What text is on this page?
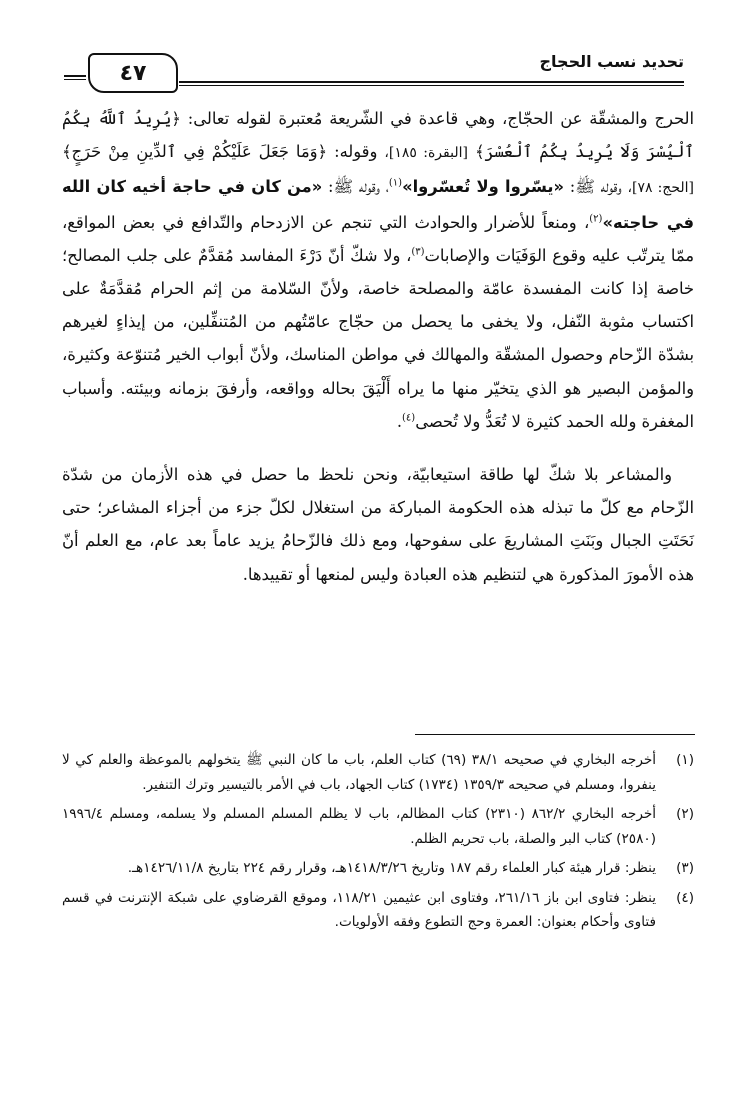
تحديد نسب الحجاج
٤٧

الحرج والمشقّة عن الحجّاج، وهي قاعدة في الشّريعة مُعتبرة لقوله تعالى: ﴿يُرِيدُ ٱللَّهُ بِكُمُ ٱلْيُسْرَ وَلَا يُرِيدُ بِكُمُ ٱلْعُسْرَ﴾ [البقرة: ١٨٥]، وقوله: ﴿وَمَا جَعَلَ عَلَيْكُمْ فِي ٱلدِّينِ مِنْ حَرَجٍ﴾ [الحج: ٧٨]، وقوله ﷺ: «يسّروا ولا تُعسّروا»$^{(١)}$، وقوله ﷺ: «من كان في حاجة أخيه كان الله في حاجته»$^{(٢)}$، ومنعاً للأضرار والحوادث التي تنجم عن الازدحام والتّدافع في بعض المواقع، ممّا يترتّب عليه وقوع الوَفَيَات والإصابات$^{(٣)}$، ولا شكّ أنّ دَرْءَ المفاسد مُقدَّمٌ على جلب المصالح؛ خاصة إذا كانت المفسدة عامّة والمصلحة خاصة، ولأنّ السّلامة من إثم الحرام مُقدَّمَةٌ على اكتساب مثوبة النّفل، ولا يخفى ما يحصل من حجّاج عامّتُهم من المُتنفِّلين، من إيذاءٍ لغيرهم بشدّة الزّحام وحصول المشقّة والمهالك في مواطن المناسك، ولأنّ أبواب الخير مُتنوّعة وكثيرة، والمؤمن البصير هو الذي يتخيّر منها ما يراه أَلْيَقَ بحاله وواقعه، وأرفقَ بزمانه وبيئته. وأسباب المغفرة ولله الحمد كثيرة لا تُعَدُّ ولا تُحصى$^{(٤)}$.

والمشاعر بلا شكّ لها طاقة استيعابيّة، ونحن نلحظ ما حصل في هذه الأزمان من شدّة الزّحام مع كلّ ما تبذله هذه الحكومة المباركة من استغلال لكلّ جزء من أجزاء المشاعر؛ حتى نَحَتَتِ الجبال وبَنَتِ المشاريعَ على سفوحها، ومع ذلك فالزّحامُ يزيد عاماً بعد عام، مع العلم أنّ هذه الأمورَ المذكورة هي لتنظيم هذه العبادة وليس لمنعها أو تقييدها.

(١)
أخرجه البخاري في صحيحه ٣٨/١ (٦٩) كتاب العلم، باب ما كان النبي ﷺ يتخولهم بالموعظة والعلم كي لا ينفروا، ومسلم في صحيحه ١٣٥٩/٣ (١٧٣٤) كتاب الجهاد، باب في الأمر بالتيسير وترك التنفير.
(٢)
أخرجه البخاري ٨٦٢/٢ (٢٣١٠) كتاب المظالم، باب لا يظلم المسلم المسلم ولا يسلمه، ومسلم ١٩٩٦/٤ (٢٥٨٠) كتاب البر والصلة، باب تحريم الظلم.
(٣)
ينظر: قرار هيئة كبار العلماء رقم ١٨٧ وتاريخ ١٤١٨/٣/٢٦هـ، وقرار رقم ٢٢٤ بتاريخ ١٤٢٦/١١/٨هـ.
(٤)
ينظر: فتاوى ابن باز ٢٦١/١٦، وفتاوى ابن عثيمين ١١٨/٢١، وموقع القرضاوي على شبكة الإنترنت في قسم فتاوى وأحكام بعنوان: العمرة وحج التطوع وفقه الأولويات.
